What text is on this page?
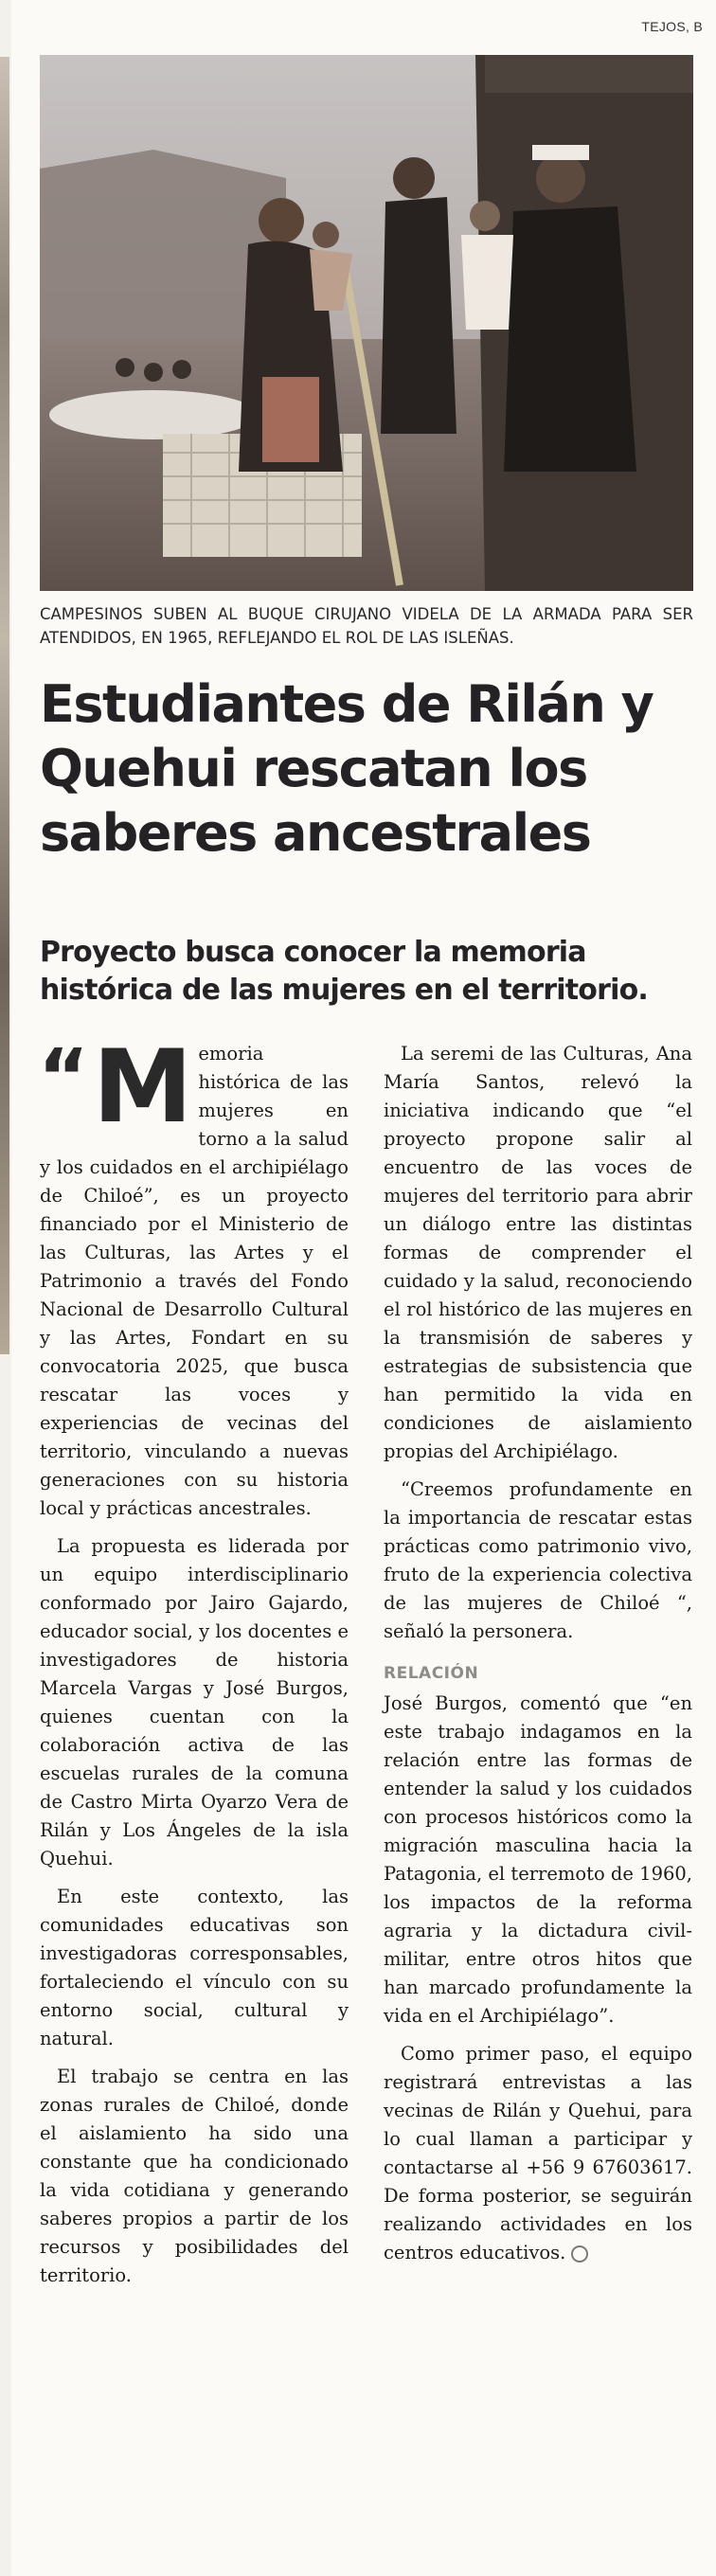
TEJOS, B
CAMPESINOS SUBEN AL BUQUE CIRUJANO VIDELA DE LA ARMADA PARA SER ATENDIDOS, EN 1965, REFLEJANDO EL ROL DE LAS ISLEÑAS.
Estudiantes de Rilán y Quehui rescatan los saberes ancestrales
Proyecto busca conocer la memoria histórica de las mujeres en el territorio.

“ M emoria histórica de las mujeres en torno a la salud y los cuidados en el archipiélago de Chiloé”, es un proyecto financiado por el Ministerio de las Culturas, las Artes y el Patrimonio a través del Fondo Nacional de Desarrollo Cultural y las Artes, Fondart en su convocatoria 2025, que busca rescatar las voces y experiencias de vecinas del territorio, vinculando a nuevas generaciones con su historia local y prácticas ancestrales.

La propuesta es liderada por un equipo interdisciplinario conformado por Jairo Gajardo, educador social, y los docentes e investigadores de historia Marcela Vargas y José Burgos, quienes cuentan con la colaboración activa de las escuelas rurales de la comuna de Castro Mirta Oyarzo Vera de Rilán y Los Ángeles de la isla Quehui.

En este contexto, las comunidades educativas son investigadoras corresponsables, fortaleciendo el vínculo con su entorno social, cultural y natural.

El trabajo se centra en las zonas rurales de Chiloé, donde el aislamiento ha sido una constante que ha condicionado la vida cotidiana y generando saberes propios a partir de los recursos y posibilidades del territorio.

La seremi de las Culturas, Ana María Santos, relevó la iniciativa indicando que “el proyecto propone salir al encuentro de las voces de mujeres del territorio para abrir un diálogo entre las distintas formas de comprender el cuidado y la salud, reconociendo el rol histórico de las mujeres en la transmisión de saberes y estrategias de subsistencia que han permitido la vida en condiciones de aislamiento propias del Archipiélago.

“Creemos profundamente en la importancia de rescatar estas prácticas como patrimonio vivo, fruto de la experiencia colectiva de las mujeres de Chiloé “, señaló la personera.

RELACIÓN

José Burgos, comentó que “en este trabajo indagamos en la relación entre las formas de entender la salud y los cuidados con procesos históricos como la migración masculina hacia la Patagonia, el terremoto de 1960, los impactos de la reforma agraria y la dictadura civil-militar, entre otros hitos que han marcado profundamente la vida en el Archipiélago”.

Como primer paso, el equipo registrará entrevistas a las vecinas de Rilán y Quehui, para lo cual llaman a participar y contactarse al +56 9 67603617. De forma posterior, se seguirán realizando actividades en los centros educativos.
